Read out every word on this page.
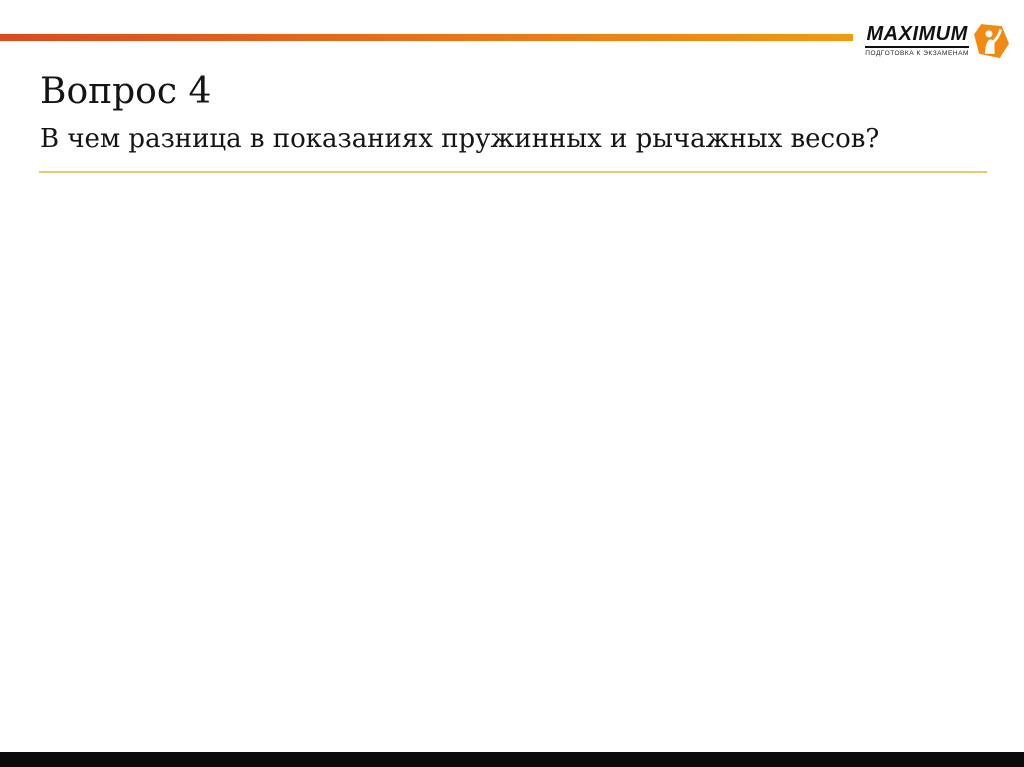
MAXIMUM
ПОДГОТОВКА К ЭКЗАМЕНАМ
Вопрос 4
В чем разница в показаниях пружинных и рычажных весов?
